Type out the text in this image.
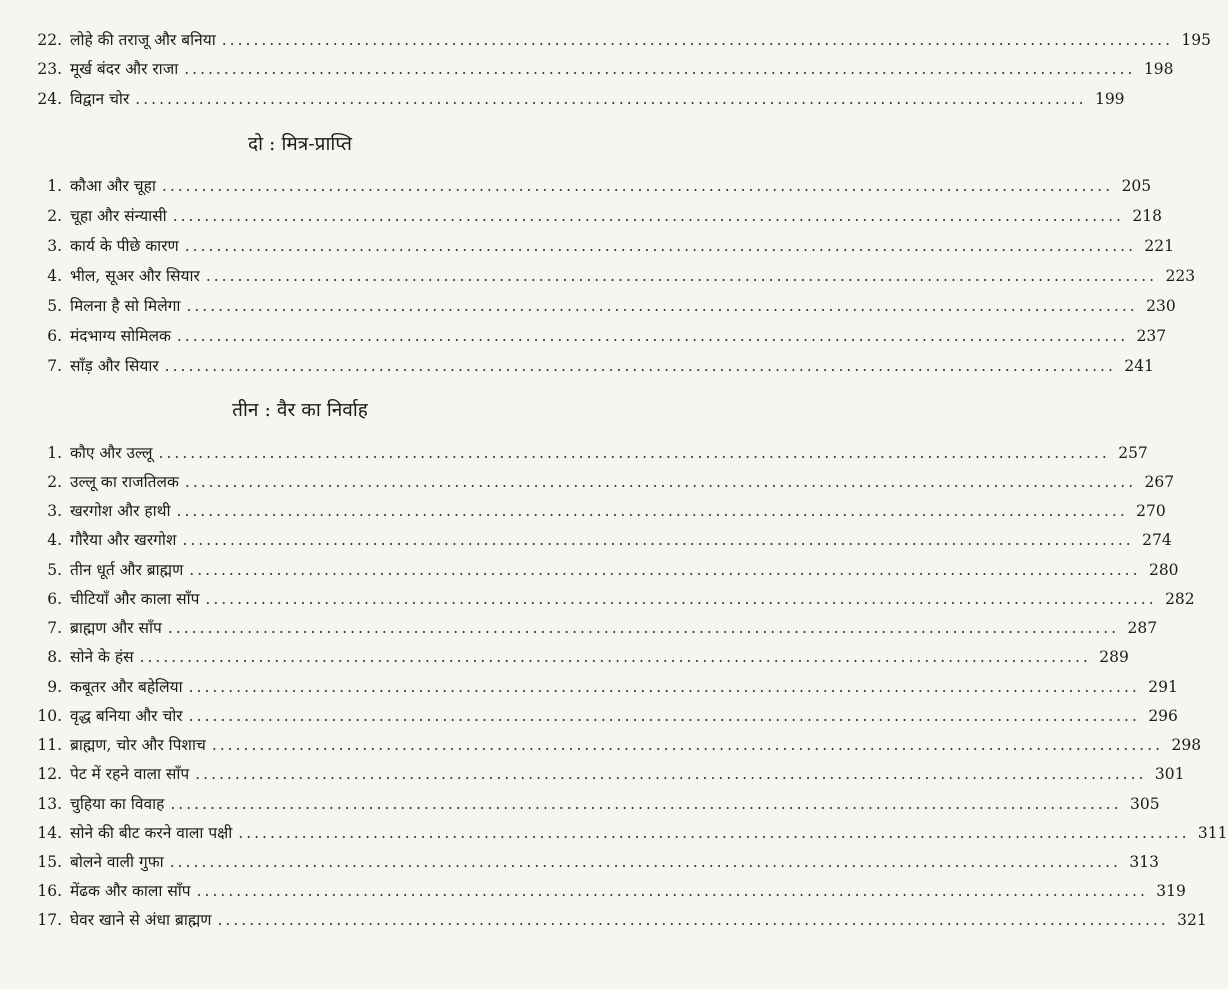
22. लोहे की तराजू और बनिया ........................................................................................................................ 195
23. मूर्ख बंदर और राजा ........................................................................................................................ 198
24. विद्वान चोर ........................................................................................................................ 199
दो : मित्र-प्राप्ति
1. कौआ और चूहा ........................................................................................................................ 205
2. चूहा और संन्यासी ........................................................................................................................ 218
3. कार्य के पीछे कारण ........................................................................................................................ 221
4. भील, सूअर और सियार ........................................................................................................................ 223
5. मिलना है सो मिलेगा ........................................................................................................................ 230
6. मंदभाग्य सोमिलक ........................................................................................................................ 237
7. साँड़ और सियार ........................................................................................................................ 241
तीन : वैर का निर्वाह
1. कौए और उल्लू ........................................................................................................................ 257
2. उल्लू का राजतिलक ........................................................................................................................ 267
3. खरगोश और हाथी ........................................................................................................................ 270
4. गौरैया और खरगोश ........................................................................................................................ 274
5. तीन धूर्त और ब्राह्मण ........................................................................................................................ 280
6. चीटियाँ और काला साँप ........................................................................................................................ 282
7. ब्राह्मण और साँप ........................................................................................................................ 287
8. सोने के हंस ........................................................................................................................ 289
9. कबूतर और बहेलिया ........................................................................................................................ 291
10. वृद्ध बनिया और चोर ........................................................................................................................ 296
11. ब्राह्मण, चोर और पिशाच ........................................................................................................................ 298
12. पेट में रहने वाला साँप ........................................................................................................................ 301
13. चुहिया का विवाह ........................................................................................................................ 305
14. सोने की बीट करने वाला पक्षी ........................................................................................................................ 311
15. बोलने वाली गुफा ........................................................................................................................ 313
16. मेंढक और काला साँप ........................................................................................................................ 319
17. घेवर खाने से अंधा ब्राह्मण ........................................................................................................................ 321
